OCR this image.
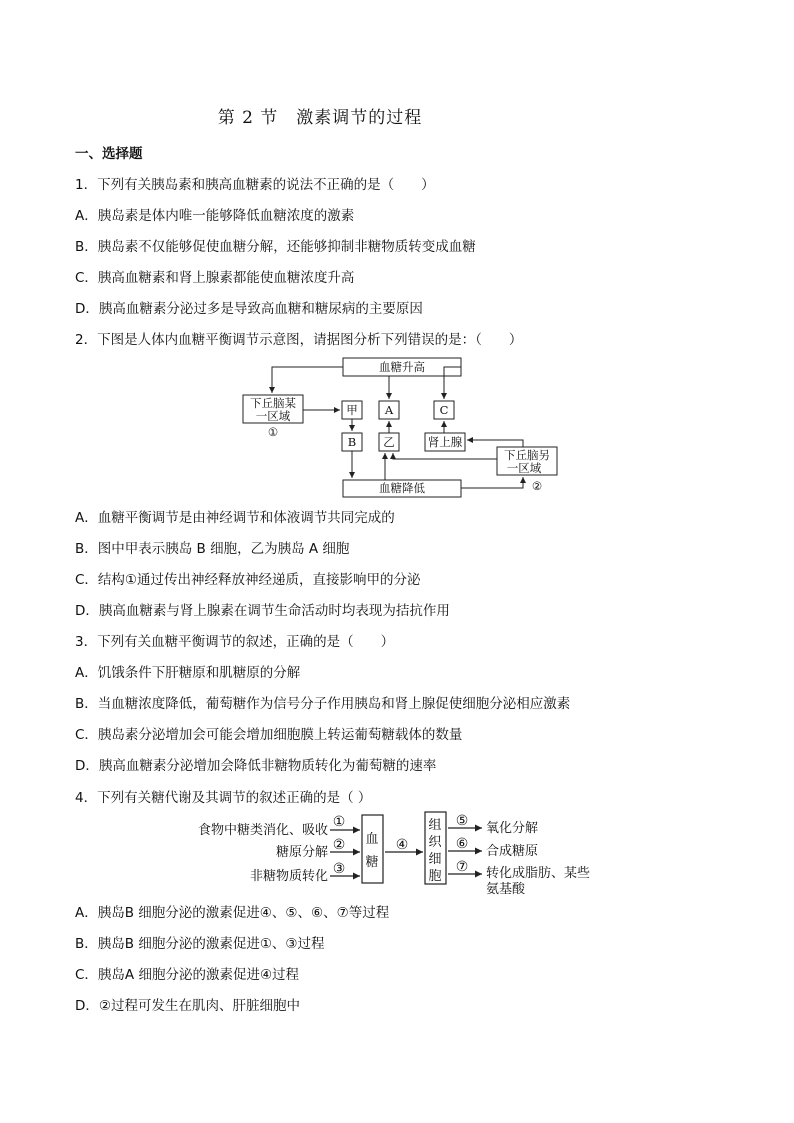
第 2 节　激素调节的过程
一、选择题
1．下列有关胰岛素和胰高血糖素的说法不正确的是（　　）
A．胰岛素是体内唯一能够降低血糖浓度的激素
B．胰岛素不仅能够促使血糖分解，还能够抑制非糖物质转变成血糖
C．胰高血糖素和肾上腺素都能使血糖浓度升高
D．胰高血糖素分泌过多是导致高血糖和糖尿病的主要原因
2．下图是人体内血糖平衡调节示意图，请据图分析下列错误的是：（　　）
血糖升高
血糖降低
下丘脑某
一区域
①
甲 A	C
B 乙	肾上腺
下丘脑另
一区域
②
A．血糖平衡调节是由神经调节和体液调节共同完成的
B．图中甲表示胰岛 B 细胞，乙为胰岛 A 细胞
C．结构①通过传出神经释放神经递质，直接影响甲的分泌
D．胰高血糖素与肾上腺素在调节生命活动时均表现为拮抗作用
3．下列有关血糖平衡调节的叙述，正确的是（　　）
A．饥饿条件下肝糖原和肌糖原的分解
B．当血糖浓度降低，葡萄糖作为信号分子作用胰岛和肾上腺促使细胞分泌相应激素
C．胰岛素分泌增加会可能会增加细胞膜上转运葡萄糖载体的数量
D．胰高血糖素分泌增加会降低非糖物质转化为葡萄糖的速率
4．下列有关糖代谢及其调节的叙述正确的是（ ）
食物中糖类消化、吸收
糖原分解
非糖物质转化
①
②
③
④
血
糖
组
织
细
胞
⑤
⑥
⑦
氧化分解
合成糖原
转化成脂肪、某些
氨基酸
A．胰岛B 细胞分泌的激素促进④、⑤、⑥、⑦等过程
B．胰岛B 细胞分泌的激素促进①、③过程
C．胰岛A 细胞分泌的激素促进④过程
D．②过程可发生在肌肉、肝脏细胞中
